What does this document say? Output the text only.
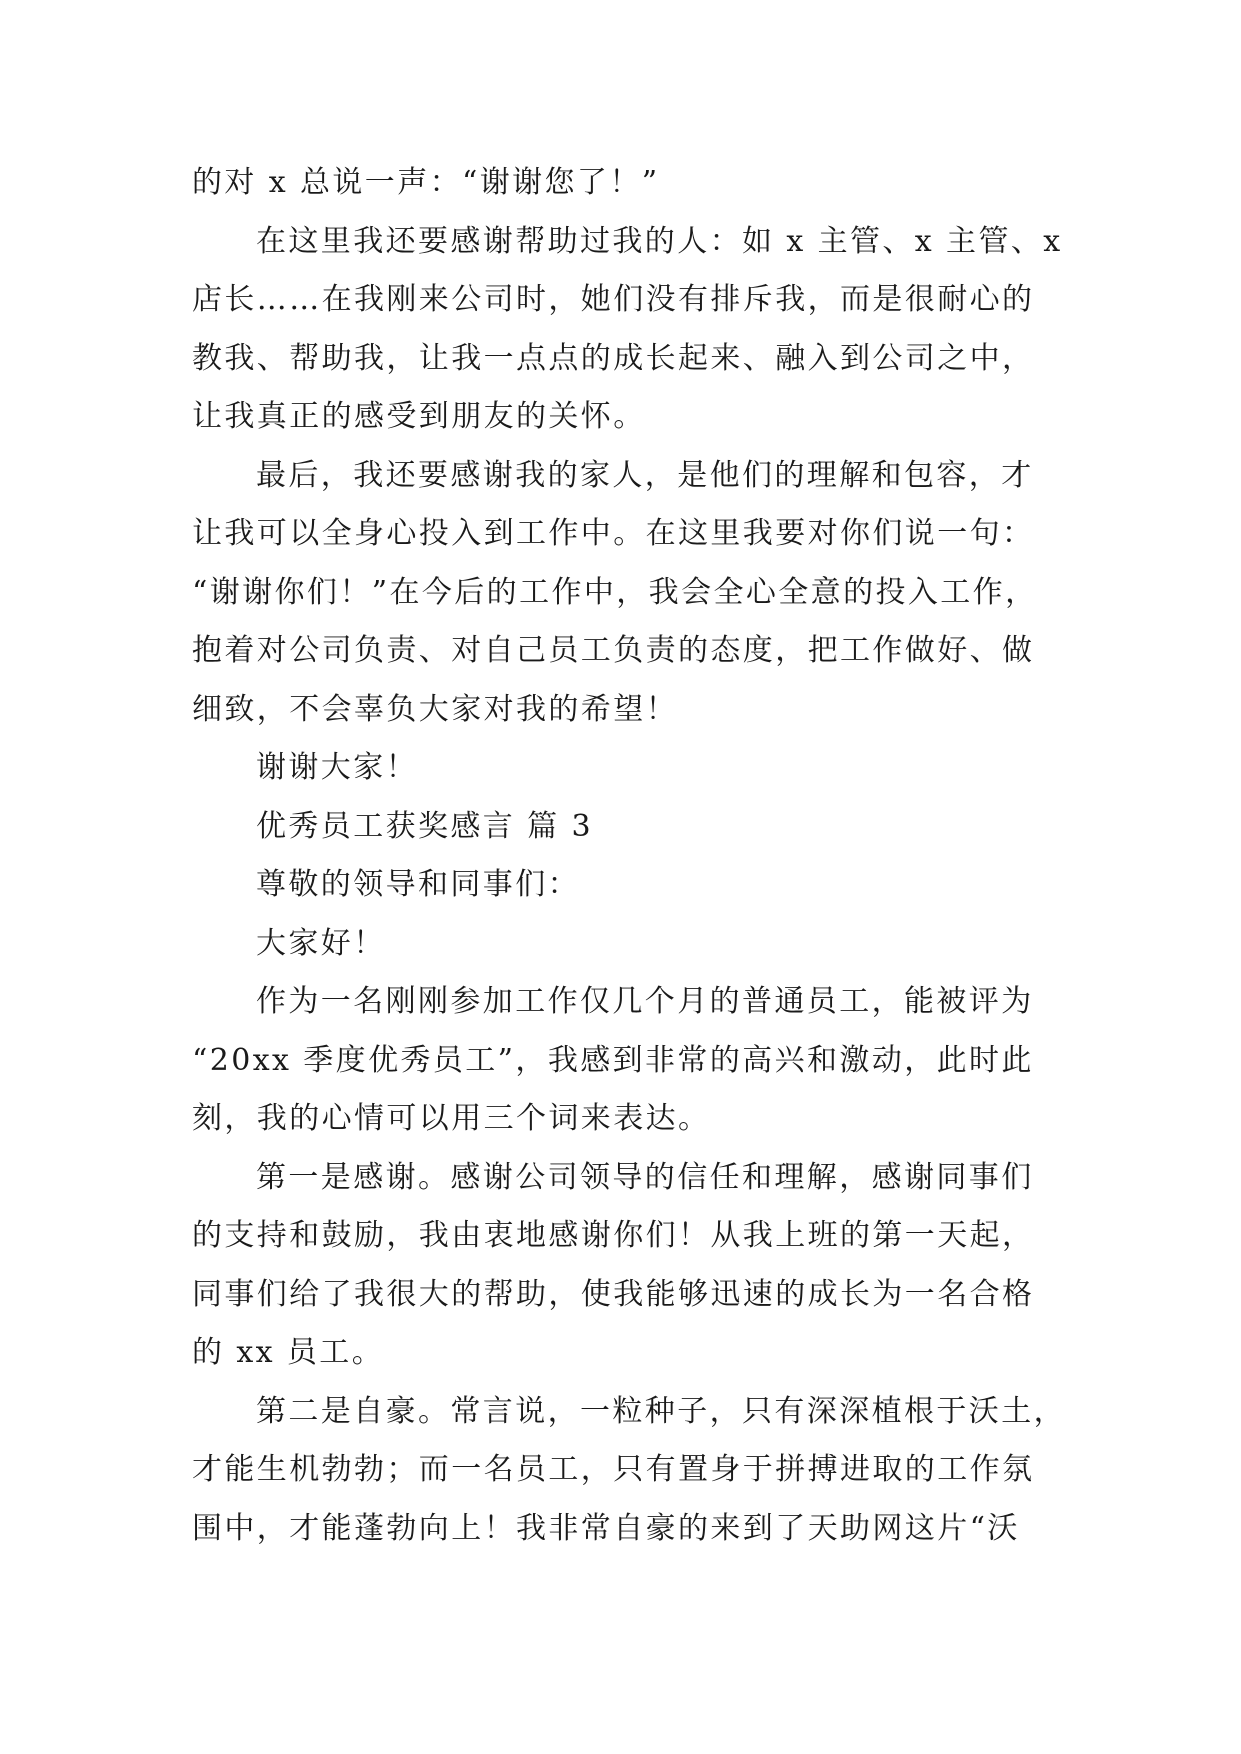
的对 x 总说一声：“谢谢您了！”

在这里我还要感谢帮助过我的人：如 x 主管、x 主管、x
店长……在我刚来公司时，她们没有排斥我，而是很耐心的
教我、帮助我，让我一点点的成长起来、融入到公司之中，
让我真正的感受到朋友的关怀。

最后，我还要感谢我的家人，是他们的理解和包容，才
让我可以全身心投入到工作中。在这里我要对你们说一句：
“谢谢你们！”在今后的工作中，我会全心全意的投入工作，
抱着对公司负责、对自己员工负责的态度，把工作做好、做
细致，不会辜负大家对我的希望！

谢谢大家！

优秀员工获奖感言 篇 3

尊敬的领导和同事们：

大家好！

作为一名刚刚参加工作仅几个月的普通员工，能被评为
“20xx 季度优秀员工”，我感到非常的高兴和激动，此时此
刻，我的心情可以用三个词来表达。

第一是感谢。感谢公司领导的信任和理解，感谢同事们
的支持和鼓励，我由衷地感谢你们！从我上班的第一天起，
同事们给了我很大的帮助，使我能够迅速的成长为一名合格
的 xx 员工。

第二是自豪。常言说，一粒种子，只有深深植根于沃土，
才能生机勃勃；而一名员工，只有置身于拼搏进取的工作氛
围中，才能蓬勃向上！我非常自豪的来到了天助网这片“沃
